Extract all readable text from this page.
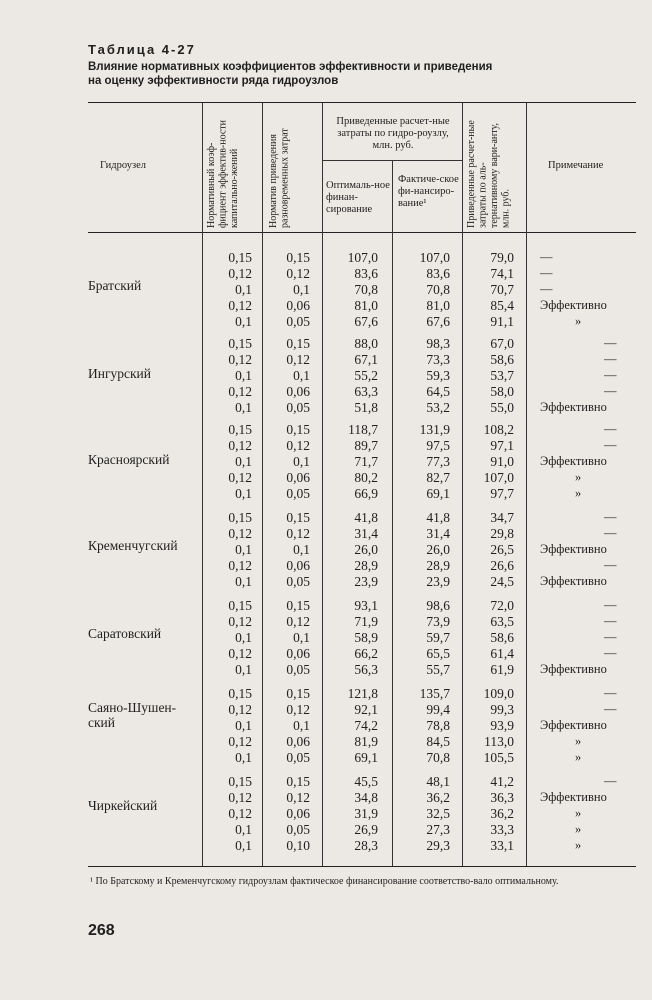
Таблица 4-27
Влияние нормативных коэффициентов эффективности и приведения
на оценку эффективности ряда гидроузлов
Гидроузел	Нормативный коэф-фициент эффектив-ности капитальнo-жений	Норматив приведения разновременных затрат
Приведенные расчет-ные затраты по гидро-роузлу, млн. руб.
Оптималь-ное финан-сирование
Фактиче-ское фи-нансиро-вание¹	Приведенные расчет-ные затраты по аль-тернативному вари-анту, млн. руб.
Примечание
Братский
0,15	0,15	107,0	107,0	79,0 —
0,12	0,12	83,6	83,6	74,1 —
0,1	0,1	70,8	70,8	70,7 —
0,12	0,06	81,0	81,0	85,4 Эффективно
0,1	0,05	67,6	67,6	91,1	»
Ингурский
0,15	0,15	88,0	98,3	67,0	—
0,12	0,12	67,1	73,3	58,6	—
0,1	0,1	55,2	59,3	53,7	—
0,12	0,06	63,3	64,5	58,0	—
0,1	0,05	51,8	53,2	55,0 Эффективно
Красноярский
0,15	0,15	118,7	131,9	108,2	—
0,12	0,12	89,7	97,5	97,1	—
0,1	0,1	71,7	77,3	91,0 Эффективно
0,12	0,06	80,2	82,7	107,0	»
0,1	0,05	66,9	69,1	97,7	»
Кременчугский
0,15	0,15	41,8	41,8	34,7	—
0,12	0,12	31,4	31,4	29,8	—
0,1	0,1	26,0	26,0	26,5 Эффективно
0,12	0,06	28,9	28,9	26,6	—
0,1	0,05	23,9	23,9	24,5 Эффективно
Саратовский
0,15	0,15	93,1	98,6	72,0	—
0,12	0,12	71,9	73,9	63,5	—
0,1	0,1	58,9	59,7	58,6	—
0,12	0,06	66,2	65,5	61,4	—
0,1	0,05	56,3	55,7	61,9 Эффективно
Саяно-Шушен-ский
0,15	0,15	121,8	135,7	109,0	—
0,12	0,12	92,1	99,4	99,3	—
0,1	0,1	74,2	78,8	93,9 Эффективно
0,12	0,06	81,9	84,5	113,0	»
0,1	0,05	69,1	70,8	105,5	»
Чиркейский
0,15	0,15	45,5	48,1	41,2	—
0,12	0,12	34,8	36,2	36,3 Эффективно
0,12	0,06	31,9	32,5	36,2	»
0,1	0,05	26,9	27,3	33,3	»
0,1	0,10	28,3	29,3	33,1	»
¹ По Братскому и Кременчугскому гидроузлам фактическое финансирование соответство-вало оптимальному.
268
